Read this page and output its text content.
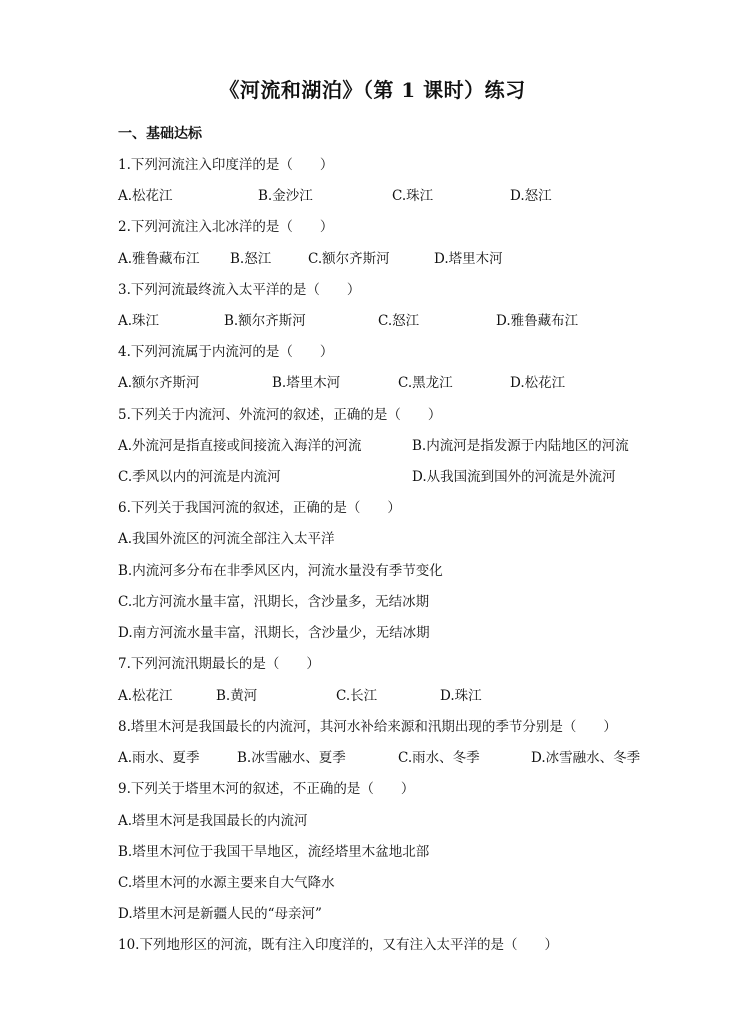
《河流和湖泊》（第 1 课时）练习
一、基础达标
1.下列河流注入印度洋的是（　　）
A.松花江	B.金沙江	C.珠江	D.怒江
2.下列河流注入北冰洋的是（　　）
A.雅鲁藏布江 B.怒江	C.额尔齐斯河	D.塔里木河
3.下列河流最终流入太平洋的是（　　）
A.珠江	B.额尔齐斯河	C.怒江	D.雅鲁藏布江
4.下列河流属于内流河的是（　　）
A.额尔齐斯河	B.塔里木河	C.黑龙江	D.松花江
5.下列关于内流河、外流河的叙述，正确的是（　　）
A.外流河是指直接或间接流入海洋的河流	B.内流河是指发源于内陆地区的河流
C.季风以内的河流是内流河	D.从我国流到国外的河流是外流河
6.下列关于我国河流的叙述，正确的是（　　）
A.我国外流区的河流全部注入太平洋
B.内流河多分布在非季风区内，河流水量没有季节变化
C.北方河流水量丰富，汛期长，含沙量多，无结冰期
D.南方河流水量丰富，汛期长，含沙量少，无结冰期
7.下列河流汛期最长的是（　　）
A.松花江	B.黄河	C.长江	D.珠江
8.塔里木河是我国最长的内流河，其河水补给来源和汛期出现的季节分别是（　　）
A.雨水、夏季	B.冰雪融水、夏季	C.雨水、冬季	D.冰雪融水、冬季
9.下列关于塔里木河的叙述，不正确的是（　　）
A.塔里木河是我国最长的内流河
B.塔里木河位于我国干旱地区，流经塔里木盆地北部
C.塔里木河的水源主要来自大气降水
D.塔里木河是新疆人民的“母亲河”
10.下列地形区的河流，既有注入印度洋的，又有注入太平洋的是（　　）
